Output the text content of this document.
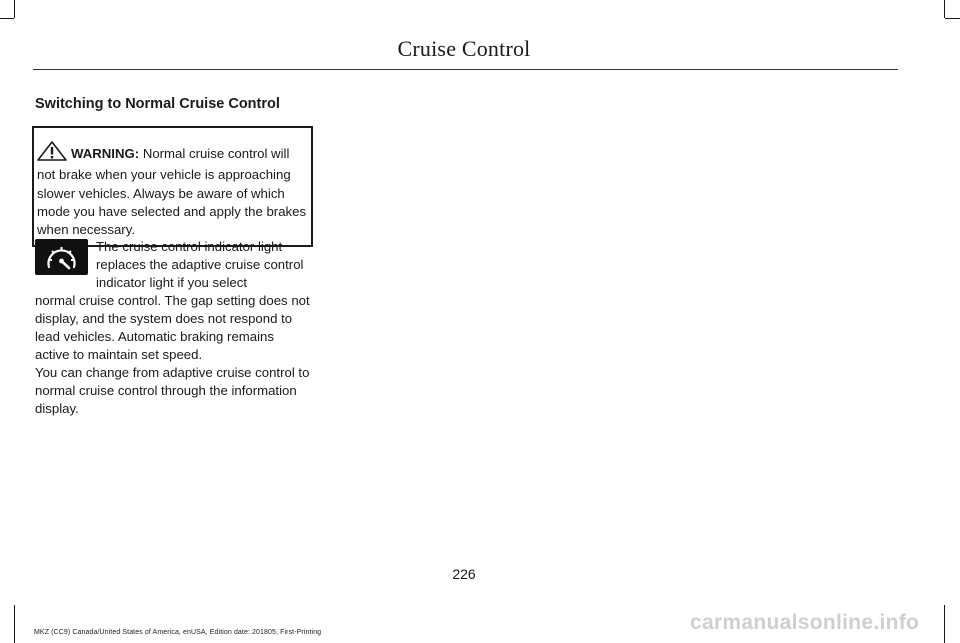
Cruise Control
Switching to Normal Cruise Control
WARNING: Normal cruise control will not brake when your vehicle is approaching slower vehicles. Always be aware of which mode you have selected and apply the brakes when necessary.
The cruise control indicator light replaces the adaptive cruise control indicator light if you select
normal cruise control. The gap setting does not display, and the system does not respond to lead vehicles. Automatic braking remains active to maintain set speed.
You can change from adaptive cruise control to normal cruise control through the information display.
226
MKZ (CC9) Canada/United States of America, enUSA, Edition date: 201805, First-Printing	carmanualsonline.info
